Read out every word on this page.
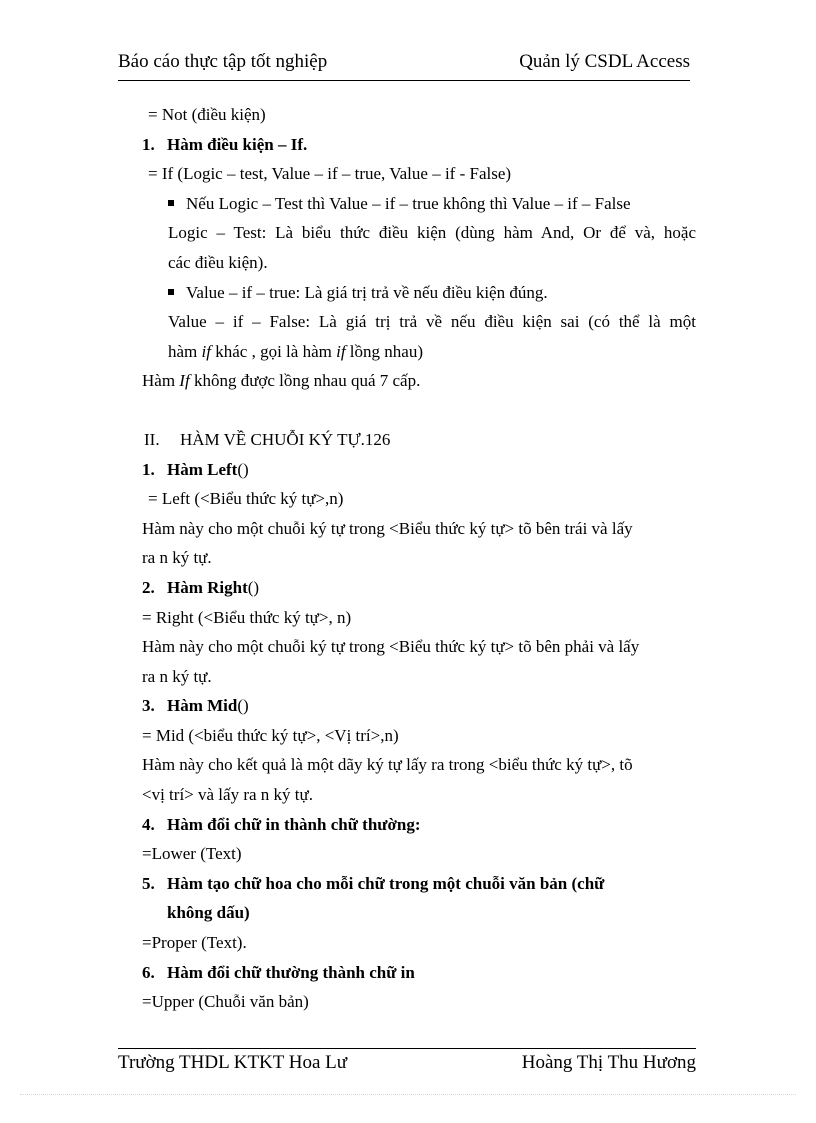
Báo cáo thực tập tốt nghiệp	Quản lý CSDL Access
= Not (điều kiện)
1. Hàm điều kiện – If.
= If (Logic – test, Value – if – true, Value – if - False)
Nếu Logic – Test thì Value – if – true không thì Value – if – False
Logic – Test: Là biểu thức điều kiện (dùng hàm And, Or để và, hoặc
các điều kiện).
Value – if – true: Là giá trị trả về nếu điều kiện đúng.
Value – if – False: Là giá trị trả về nếu điều kiện sai (có thể là một
hàm if khác , gọi là hàm if lồng nhau)
Hàm If không được lồng nhau quá 7 cấp.
II. HÀM VỀ CHUỖI KÝ TỰ.126
1. Hàm Left()
= Left (<Biểu thức ký tự>,n)
Hàm này cho một chuỗi ký tự trong <Biểu thức ký tự> tõ bên trái và lấy
ra n ký tự.
2. Hàm Right()
= Right (<Biểu thức ký tự>, n)
Hàm này cho một chuỗi ký tự trong <Biểu thức ký tự> tõ bên phải và lấy
ra n ký tự.
3. Hàm Mid()
= Mid (<biểu thức ký tự>, <Vị trí>,n)
Hàm này cho kết quả là một dãy ký tự lấy ra trong <biểu thức ký tự>, tõ
<vị trí> và lấy ra n ký tự.
4. Hàm đổi chữ in thành chữ thường:
=Lower (Text)
5. Hàm tạo chữ hoa cho mỗi chữ trong một chuỗi văn bản (chữ
không dấu)
=Proper (Text).
6. Hàm đổi chữ thường thành chữ in
=Upper (Chuỗi văn bản)
Trường THDL KTKT Hoa Lư	Hoàng Thị Thu Hương
